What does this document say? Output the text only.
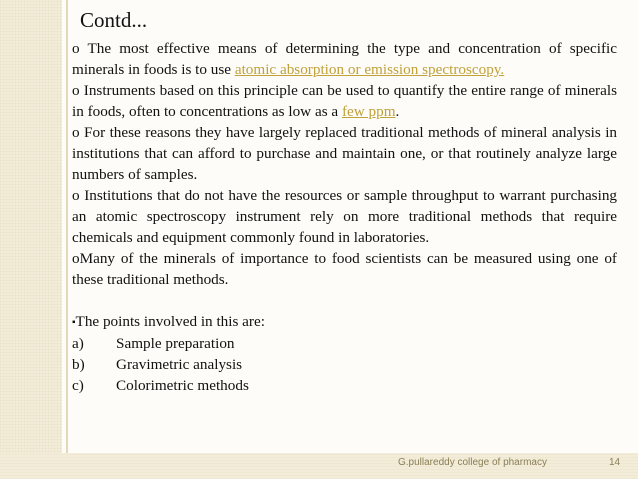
Contd...

o The most effective means of determining the type and concentration of specific minerals in foods is to use atomic absorption or emission spectroscopy.

o Instruments based on this principle can be used to quantify the entire range of minerals in foods, often to concentrations as low as a few ppm.

o For these reasons they have largely replaced traditional methods of mineral analysis in institutions that can afford to purchase and maintain one, or that routinely analyze large numbers of samples.

o Institutions that do not have the resources or sample throughput to warrant purchasing an atomic spectroscopy instrument rely on more traditional methods that require chemicals and equipment commonly found in laboratories.

oMany of the minerals of importance to food scientists can be measured using one of these traditional methods.

▪The points involved in this are:

a) Sample preparation

b) Gravimetric analysis

c) Colorimetric methods

G.pullareddy college of pharmacy	14
